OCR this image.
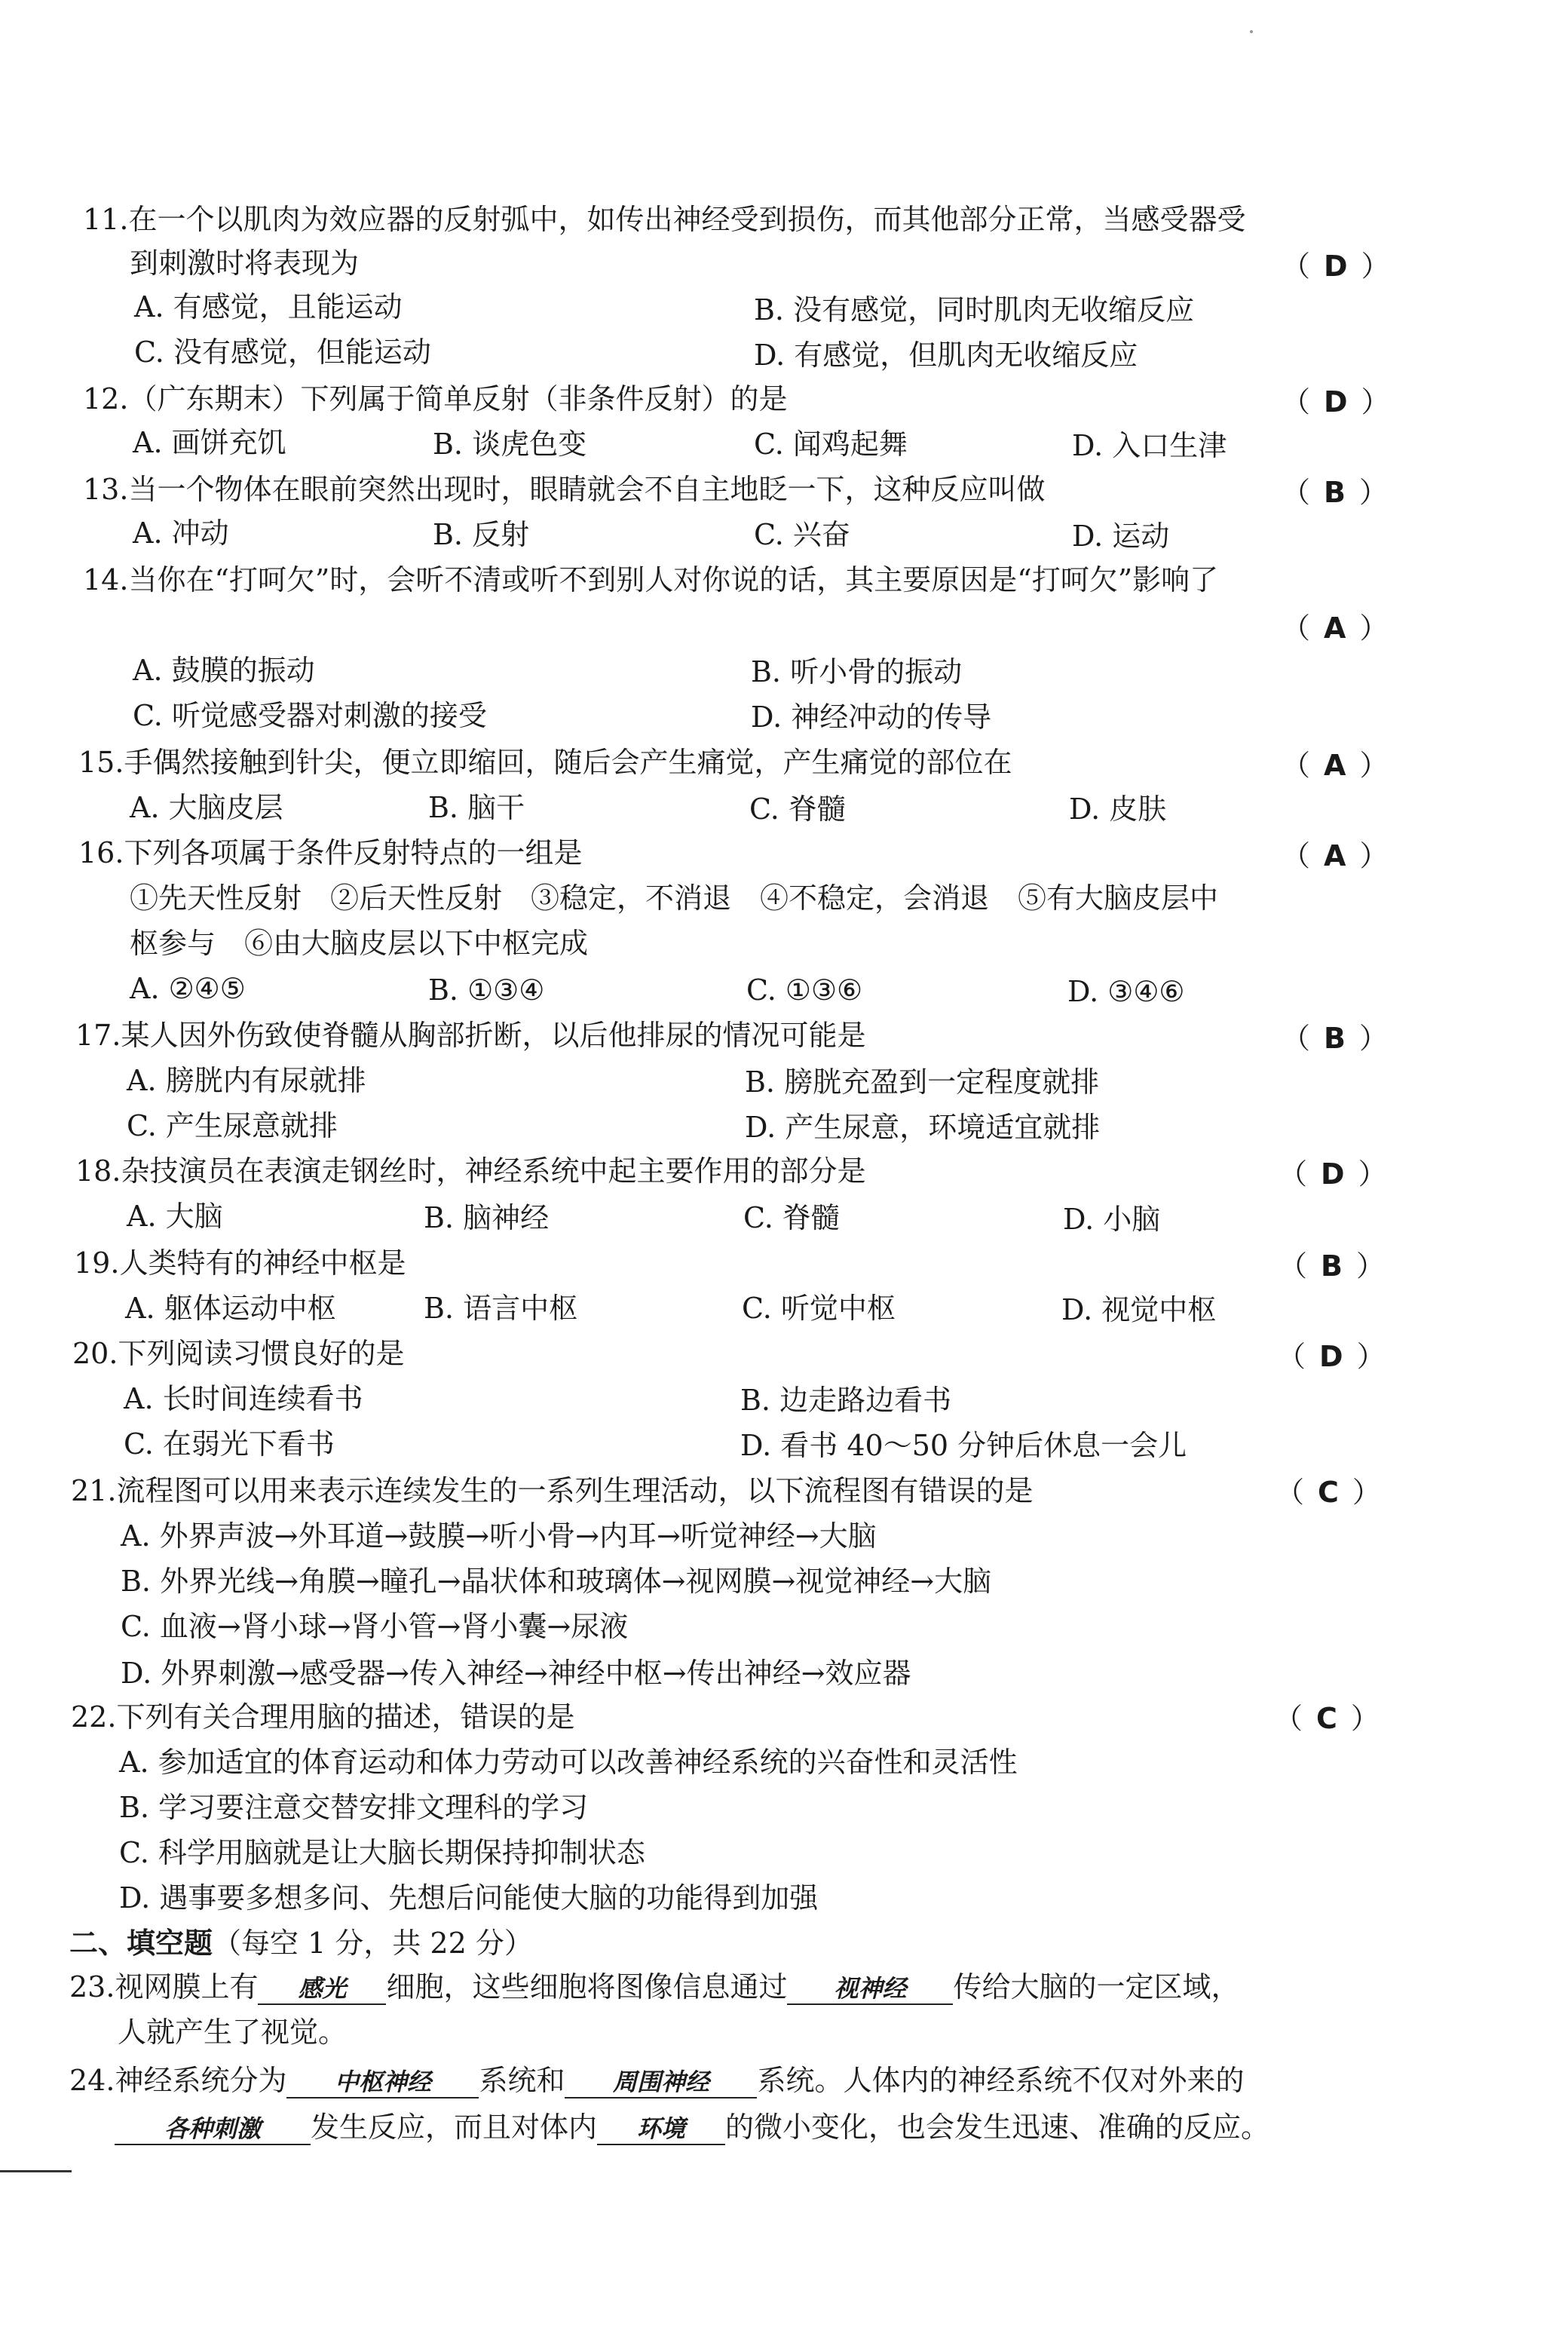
11.在一个以肌肉为效应器的反射弧中，如传出神经受到损伤，而其他部分正常，当感受器受
到刺激时将表现为	（ D ）
A. 有感觉，且能运动	B. 没有感觉，同时肌肉无收缩反应
C. 没有感觉，但能运动	D. 有感觉，但肌肉无收缩反应
12.（广东期末）下列属于简单反射（非条件反射）的是	（ D ）
A. 画饼充饥	B. 谈虎色变	C. 闻鸡起舞	D. 入口生津
13.当一个物体在眼前突然出现时，眼睛就会不自主地眨一下，这种反应叫做	（ B ）
A. 冲动	B. 反射	C. 兴奋	D. 运动
14.当你在“打呵欠”时，会听不清或听不到别人对你说的话，其主要原因是“打呵欠”影响了
（ A ）
A. 鼓膜的振动	B. 听小骨的振动
C. 听觉感受器对刺激的接受	D. 神经冲动的传导
15.手偶然接触到针尖，便立即缩回，随后会产生痛觉，产生痛觉的部位在	（ A ）
A. 大脑皮层	B. 脑干	C. 脊髓	D. 皮肤
16.下列各项属于条件反射特点的一组是	（ A ）
①先天性反射　②后天性反射　③稳定，不消退　④不稳定，会消退　⑤有大脑皮层中
枢参与　⑥由大脑皮层以下中枢完成
A. ②④⑤	B. ①③④	C. ①③⑥	D. ③④⑥
17.某人因外伤致使脊髓从胸部折断，以后他排尿的情况可能是	（ B ）
A. 膀胱内有尿就排	B. 膀胱充盈到一定程度就排
C. 产生尿意就排	D. 产生尿意，环境适宜就排
18.杂技演员在表演走钢丝时，神经系统中起主要作用的部分是	（ D ）
A. 大脑	B. 脑神经	C. 脊髓	D. 小脑
19.人类特有的神经中枢是	（ B ）
A. 躯体运动中枢	B. 语言中枢	C. 听觉中枢	D. 视觉中枢
20.下列阅读习惯良好的是	（ D ）
A. 长时间连续看书	B. 边走路边看书
C. 在弱光下看书	D. 看书 40～50 分钟后休息一会儿
21.流程图可以用来表示连续发生的一系列生理活动，以下流程图有错误的是	（ C ）
A. 外界声波→外耳道→鼓膜→听小骨→内耳→听觉神经→大脑
B. 外界光线→角膜→瞳孔→晶状体和玻璃体→视网膜→视觉神经→大脑
C. 血液→肾小球→肾小管→肾小囊→尿液
D. 外界刺激→感受器→传入神经→神经中枢→传出神经→效应器
22.下列有关合理用脑的描述，错误的是	（ C ）
A. 参加适宜的体育运动和体力劳动可以改善神经系统的兴奋性和灵活性
B. 学习要注意交替安排文理科的学习
C. 科学用脑就是让大脑长期保持抑制状态
D. 遇事要多想多问、先想后问能使大脑的功能得到加强
二、填空题（每空 1 分，共 22 分）
23.视网膜上有 感光 细胞，这些细胞将图像信息通过 视神经 传给大脑的一定区域，
人就产生了视觉。
24.神经系统分为 中枢神经 系统和 周围神经 系统。人体内的神经系统不仅对外来的
各种刺激 发生反应，而且对体内 环境 的微小变化，也会发生迅速、准确的反应。
